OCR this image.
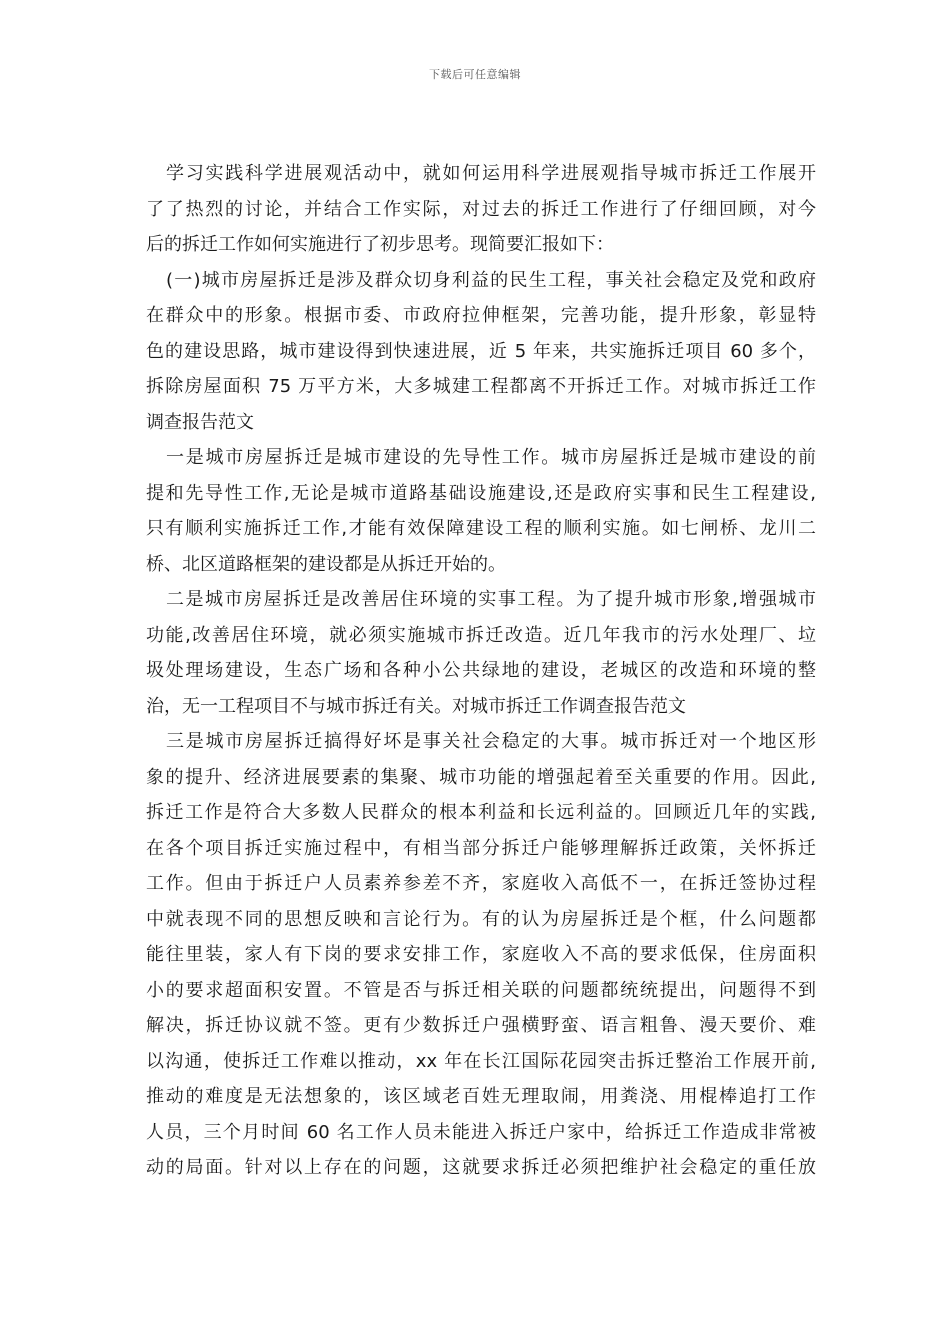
下载后可任意编辑
学习实践科学进展观活动中，就如何运用科学进展观指导城市拆迁工作展开
了了热烈的讨论，并结合工作实际，对过去的拆迁工作进行了仔细回顾，对今
后的拆迁工作如何实施进行了初步思考。现简要汇报如下：
(一)城市房屋拆迁是涉及群众切身利益的民生工程，事关社会稳定及党和政府
在群众中的形象。根据市委、市政府拉伸框架，完善功能，提升形象，彰显特
色的建设思路，城市建设得到快速进展，近 5 年来，共实施拆迁项目 60 多个，
拆除房屋面积 75 万平方米，大多城建工程都离不开拆迁工作。对城市拆迁工作
调查报告范文
一是城市房屋拆迁是城市建设的先导性工作。城市房屋拆迁是城市建设的前
提和先导性工作,无论是城市道路基础设施建设,还是政府实事和民生工程建设,
只有顺利实施拆迁工作,才能有效保障建设工程的顺利实施。如七闸桥、龙川二
桥、北区道路框架的建设都是从拆迁开始的。
二是城市房屋拆迁是改善居住环境的实事工程。为了提升城市形象,增强城市
功能,改善居住环境，就必须实施城市拆迁改造。近几年我市的污水处理厂、垃
圾处理场建设，生态广场和各种小公共绿地的建设，老城区的改造和环境的整
治，无一工程项目不与城市拆迁有关。对城市拆迁工作调查报告范文
三是城市房屋拆迁搞得好坏是事关社会稳定的大事。城市拆迁对一个地区形
象的提升、经济进展要素的集聚、城市功能的增强起着至关重要的作用。因此,
拆迁工作是符合大多数人民群众的根本利益和长远利益的。回顾近几年的实践,
在各个项目拆迁实施过程中，有相当部分拆迁户能够理解拆迁政策，关怀拆迁
工作。但由于拆迁户人员素养参差不齐，家庭收入高低不一，在拆迁签协过程
中就表现不同的思想反映和言论行为。有的认为房屋拆迁是个框，什么问题都
能往里装，家人有下岗的要求安排工作，家庭收入不高的要求低保，住房面积
小的要求超面积安置。不管是否与拆迁相关联的问题都统统提出，问题得不到
解决，拆迁协议就不签。更有少数拆迁户强横野蛮、语言粗鲁、漫天要价、难
以沟通，使拆迁工作难以推动，xx 年在长江国际花园突击拆迁整治工作展开前,
推动的难度是无法想象的，该区域老百姓无理取闹，用粪浇、用棍棒追打工作
人员，三个月时间 60 名工作人员未能进入拆迁户家中，给拆迁工作造成非常被
动的局面。针对以上存在的问题，这就要求拆迁必须把维护社会稳定的重任放
